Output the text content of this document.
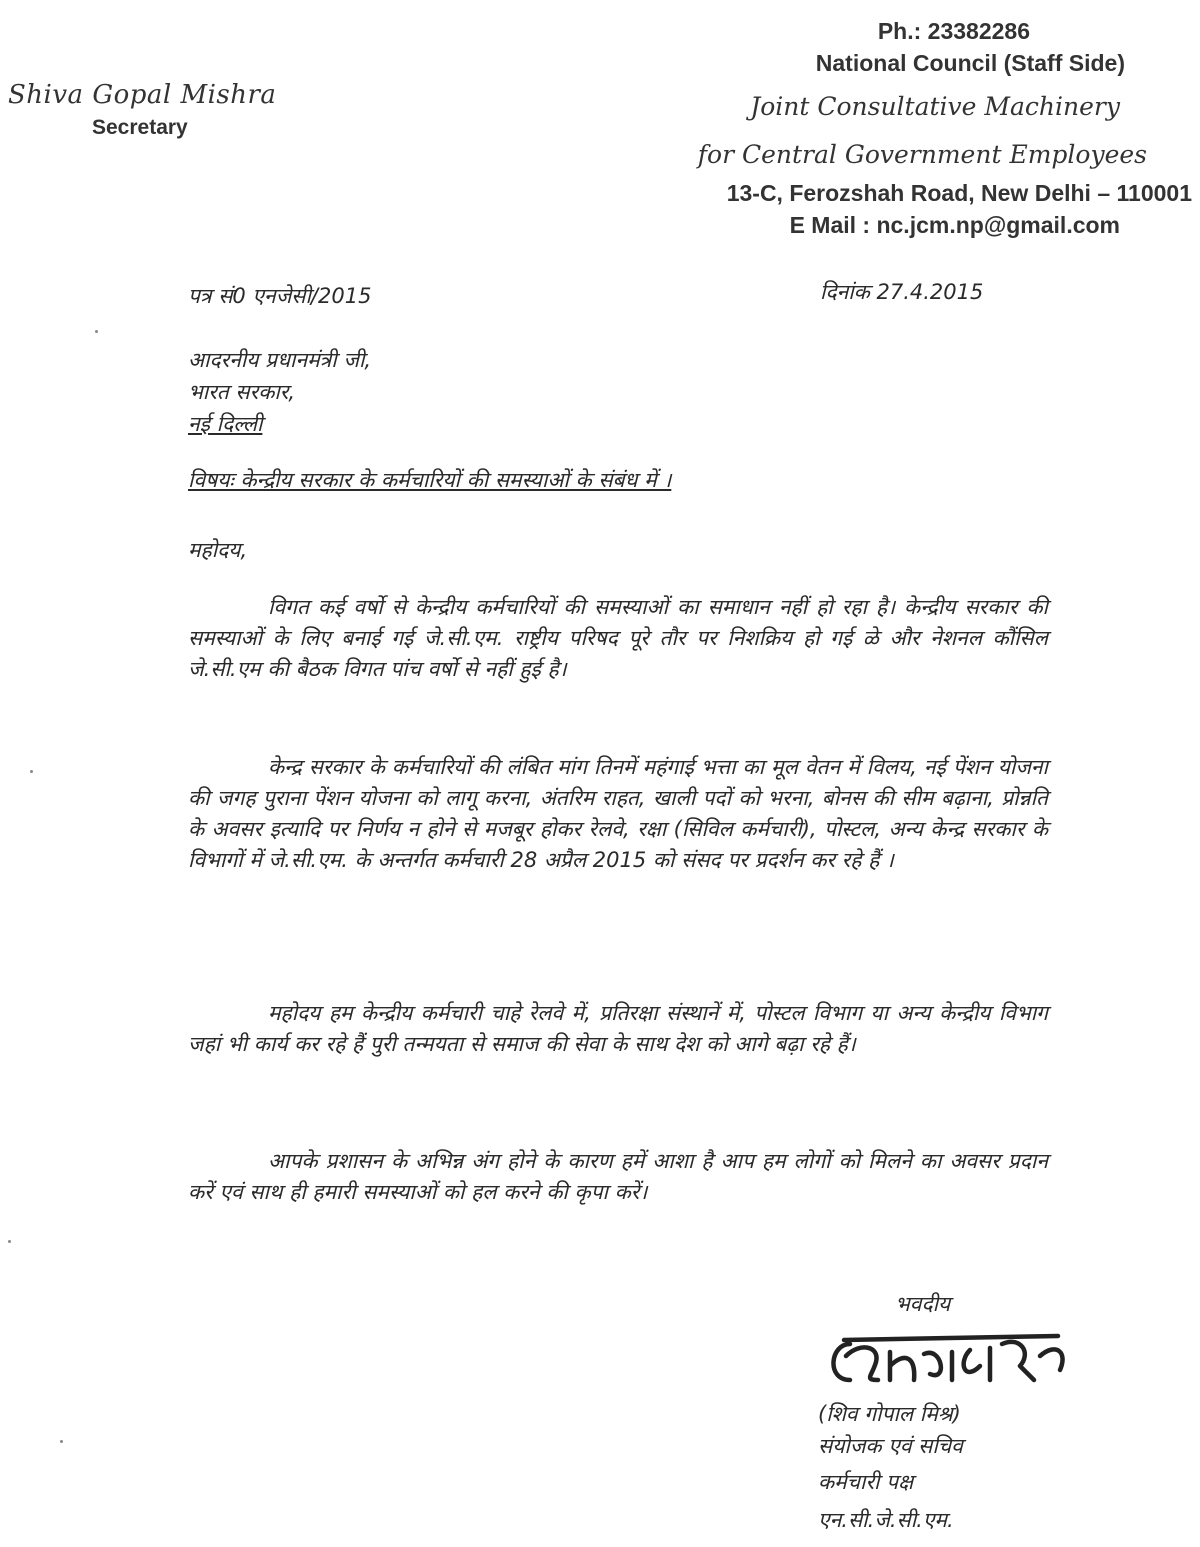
Shiva Gopal Mishra
Secretary
Ph.: 23382286
National Council (Staff Side)
Joint Consultative Machinery
for Central Government Employees
13-C, Ferozshah Road, New Delhi – 110001
E Mail : nc.jcm.np@gmail.com
पत्र सं0 एनजेसी/2015	दिनांक 27.4.2015
आदरनीय प्रधानमंत्री जी,
भारत सरकार,
नई दिल्ली
विषयः केन्द्रीय सरकार के कर्मचारियों की समस्याओं के संबंध में ।
महोदय,

विगत कई वर्षो से केन्द्रीय कर्मचारियों की समस्याओं का समाधान नहीं हो रहा है। केन्द्रीय सरकार की समस्याओं के लिए बनाई गई जे.सी.एम. राष्ट्रीय परिषद पूरे तौर पर निशक्रिय हो गई ळे और नेशनल कौंसिल जे.सी.एम की बैठक विगत पांच वर्षो से नहीं हुई है।

केन्द्र सरकार के कर्मचारियों की लंबित मांग तिनमें महंगाई भत्ता का मूल वेतन में विलय, नई पेंशन योजना की जगह पुराना पेंशन योजना को लागू करना, अंतरिम राहत, खाली पदों को भरना, बोनस की सीम बढ़ाना, प्रोन्नति के अवसर इत्यादि पर निर्णय न होने से मजबूर होकर रेलवे, रक्षा (सिविल कर्मचारी), पोस्टल, अन्य केन्द्र सरकार के विभागों में जे.सी.एम. के अन्तर्गत कर्मचारी 28 अप्रैल 2015 को संसद पर प्रदर्शन कर रहे हैं ।

महोदय हम केन्द्रीय कर्मचारी चाहे रेलवे में, प्रतिरक्षा संस्थानें में, पोस्टल विभाग या अन्य केन्द्रीय विभाग जहां भी कार्य कर रहे हैं पुरी तन्मयता से समाज की सेवा के साथ देश को आगे बढ़ा रहे हैं।

आपके प्रशासन के अभिन्न अंग होने के कारण हमें आशा है आप हम लोगों को मिलने का अवसर प्रदान करें एवं साथ ही हमारी समस्याओं को हल करने की कृपा करें।

भवदीय
(शिव गोपाल मिश्र)
संयोजक एवं सचिव
कर्मचारी पक्ष
एन.सी.जे.सी.एम.
